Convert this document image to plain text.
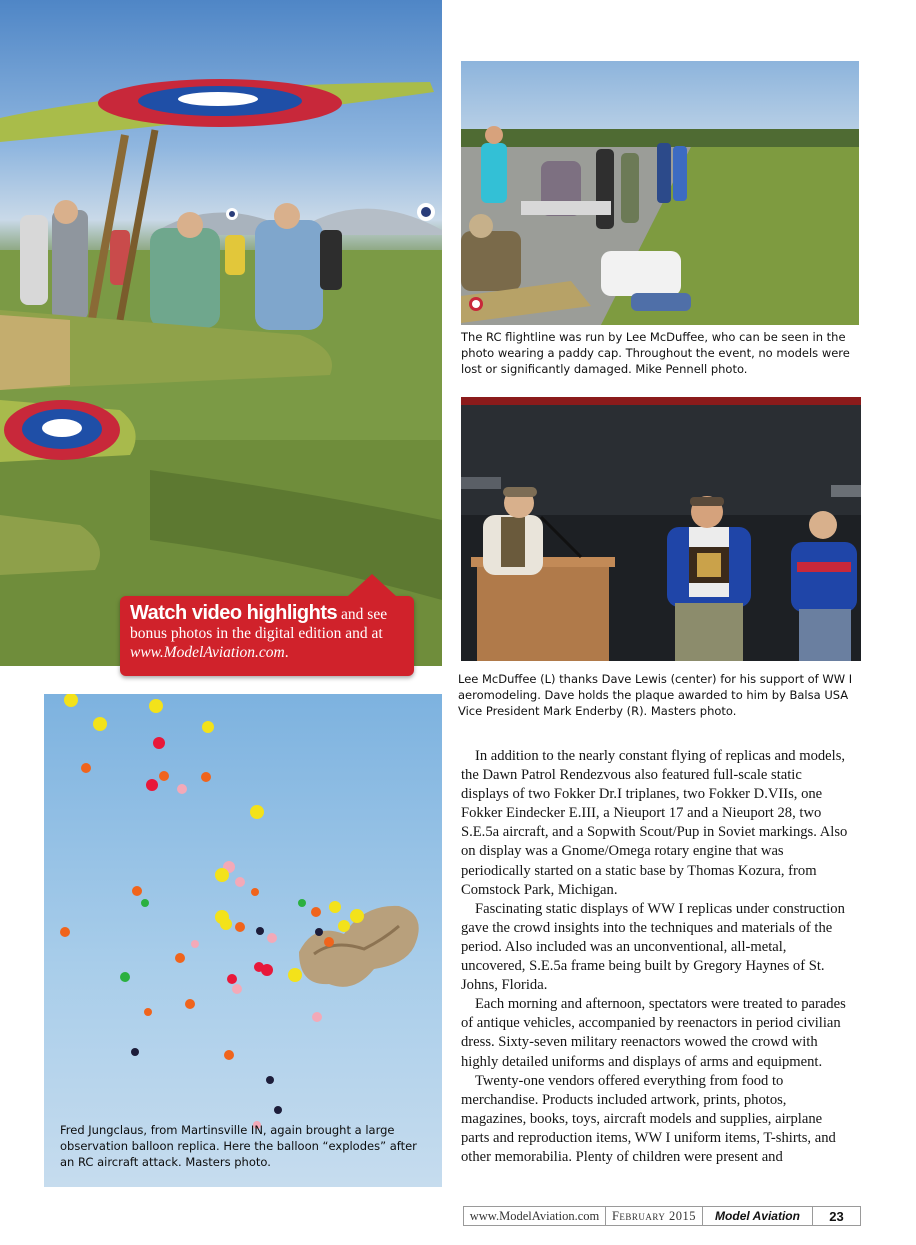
Watch video highlights and see bonus photos in the digital edition and at www.ModelAviation.com.
The RC flightline was run by Lee McDuffee, who can be seen in the photo wearing a paddy cap. Throughout the event, no models were lost or significantly damaged. Mike Pennell photo.
Lee McDuffee (L) thanks Dave Lewis (center) for his support of WW I aeromodeling. Dave holds the plaque awarded to him by Balsa USA Vice President Mark Enderby (R). Masters photo.
Fred Jungclaus, from Martinsville IN, again brought a large observation balloon replica. Here the balloon “explodes” after an RC aircraft attack. Masters photo.

In addition to the nearly constant flying of replicas and models, the Dawn Patrol Rendezvous also featured full-scale static displays of two Fokker Dr.I triplanes, two Fokker D.VIIs, one Fokker Eindecker E.III, a Nieuport 17 and a Nieuport 28, two S.E.5a aircraft, and a Sopwith Scout/Pup in Soviet markings. Also on display was a Gnome/Omega rotary engine that was periodically started on a static base by Thomas Kozura, from Comstock Park, Michigan.

Fascinating static displays of WW I replicas under construction gave the crowd insights into the techniques and materials of the period. Also included was an unconventional, all-metal, uncovered, S.E.5a frame being built by Gregory Haynes of St. Johns, Florida.

Each morning and afternoon, spectators were treated to parades of antique vehicles, accompanied by reenactors in period civilian dress. Sixty-seven military reenactors wowed the crowd with highly detailed uniforms and displays of arms and equipment.

Twenty-one vendors offered everything from food to merchandise. Products included artwork, prints, photos, magazines, books, toys, aircraft models and supplies, airplane parts and reproduction items, WW I uniform items, T-shirts, and other memorabilia. Plenty of children were present and

www.ModelAviation.com	February 2015	Model Aviation	23
